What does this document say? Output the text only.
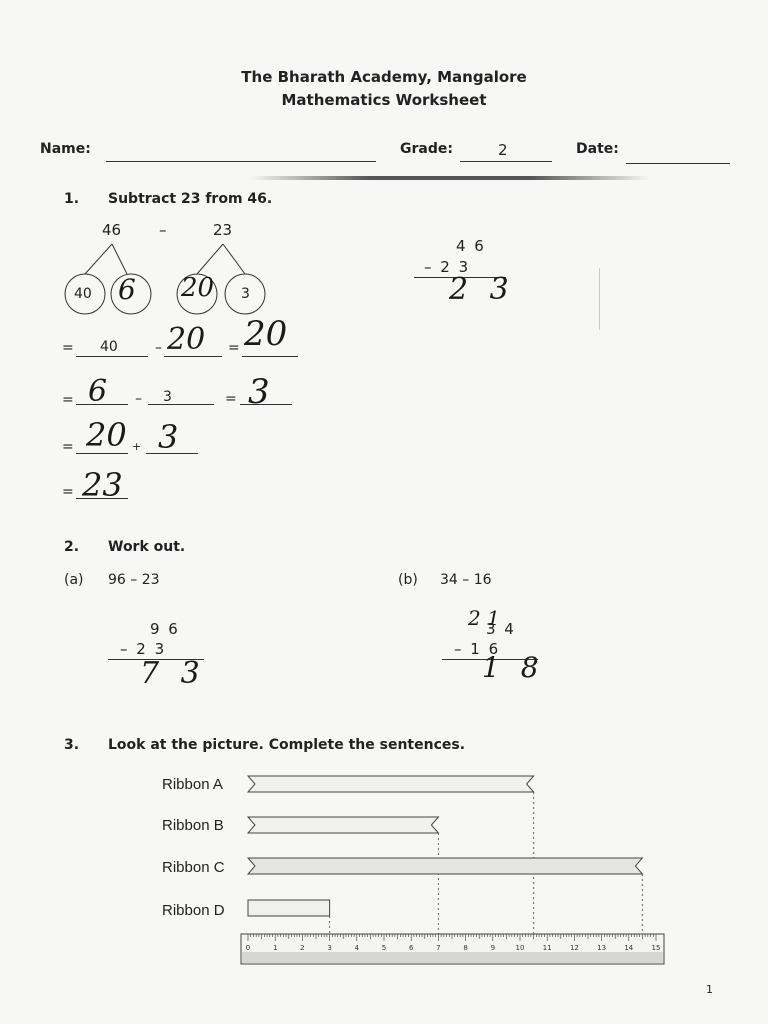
The Bharath Academy, Mangalore
Mathematics Worksheet
Name:	Grade:	2	Date:
1. Subtract 23 from 46.
46	–	23
40 6 20 3
4 6
– 2 3
2 3
= 40	– 20 = 20
= 6 – 3	= 3
= 20 + 3
= 23
2. Work out.
(a) 96 – 23
9 6
– 2 3
7 3
(b) 34 – 16
2 1
3 4
– 1 6
1 8
3. Look at the picture. Complete the sentences.
Ribbon A
Ribbon B
Ribbon C
Ribbon D
0	1	2	3	4	5	6	7	8	9	10	11	12	13	14	15
1
